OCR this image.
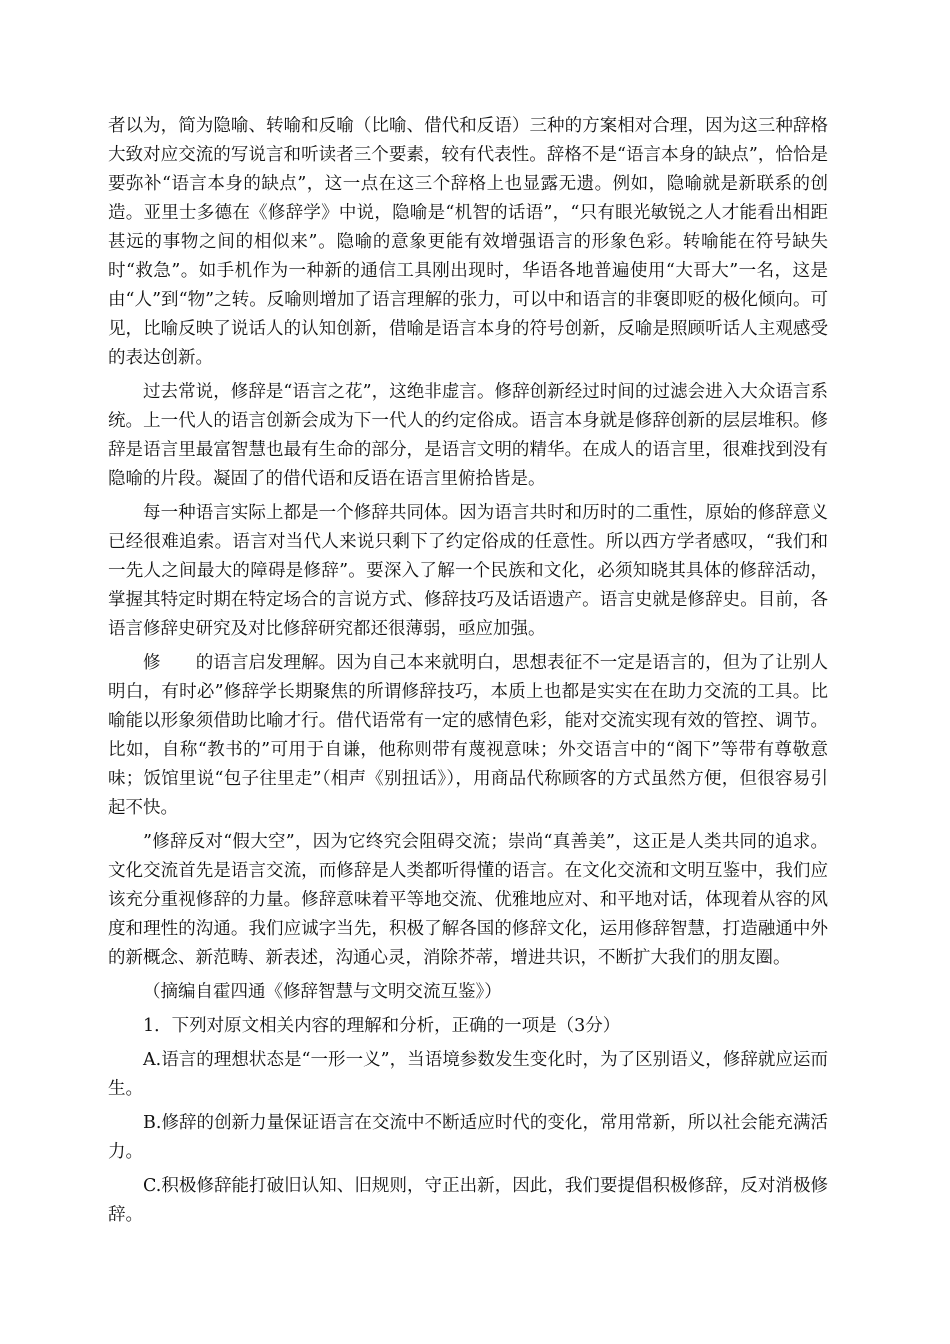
者以为，简为隐喻、转喻和反喻（比喻、借代和反语）三种的方案相对合理，因为这三种辞格大致对应交流的写说言和听读者三个要素，较有代表性。辞格不是“语言本身的缺点”，恰恰是要弥补“语言本身的缺点”，这一点在这三个辞格上也显露无遗。例如，隐喻就是新联系的创造。亚里士多德在《修辞学》中说，隐喻是“机智的话语”，“只有眼光敏锐之人才能看出相距甚远的事物之间的相似来”。隐喻的意象更能有效增强语言的形象色彩。转喻能在符号缺失时“救急”。如手机作为一种新的通信工具刚出现时，华语各地普遍使用“大哥大”一名，这是由“人”到“物”之转。反喻则增加了语言理解的张力，可以中和语言的非褒即贬的极化倾向。可见，比喻反映了说话人的认知创新，借喻是语言本身的符号创新，反喻是照顾听话人主观感受的表达创新。

过去常说，修辞是“语言之花”，这绝非虚言。修辞创新经过时间的过滤会进入大众语言系统。上一代人的语言创新会成为下一代人的约定俗成。语言本身就是修辞创新的层层堆积。修辞是语言里最富智慧也最有生命的部分，是语言文明的精华。在成人的语言里，很难找到没有隐喻的片段。凝固了的借代语和反语在语言里俯拾皆是。

每一种语言实际上都是一个修辞共同体。因为语言共时和历时的二重性，原始的修辞意义已经很难追索。语言对当代人来说只剩下了约定俗成的任意性。所以西方学者感叹，“我们和一先人之间最大的障碍是修辞”。要深入了解一个民族和文化，必须知晓其具体的修辞活动，掌握其特定时期在特定场合的言说方式、修辞技巧及话语遗产。语言史就是修辞史。目前，各语言修辞史研究及对比修辞研究都还很薄弱，亟应加强。

修　　的语言启发理解。因为自己本来就明白，思想表征不一定是语言的，但为了让别人明白，有时必”修辞学长期聚焦的所谓修辞技巧，本质上也都是实实在在助力交流的工具。比喻能以形象须借助比喻才行。借代语常有一定的感情色彩，能对交流实现有效的管控、调节。比如，自称“教书的”可用于自谦，他称则带有蔑视意味；外交语言中的“阁下”等带有尊敬意味；饭馆里说“包子往里走”（相声《别扭话》），用商品代称顾客的方式虽然方便，但很容易引起不快。

”修辞反对“假大空”，因为它终究会阻碍交流；崇尚“真善美”，这正是人类共同的追求。文化交流首先是语言交流，而修辞是人类都听得懂的语言。在文化交流和文明互鉴中，我们应该充分重视修辞的力量。修辞意味着平等地交流、优雅地应对、和平地对话，体现着从容的风度和理性的沟通。我们应诚字当先，积极了解各国的修辞文化，运用修辞智慧，打造融通中外的新概念、新范畴、新表述，沟通心灵，消除芥蒂，增进共识，不断扩大我们的朋友圈。

（摘编自霍四通《修辞智慧与文明交流互鉴》）

1．下列对原文相关内容的理解和分析，正确的一项是（3分）

A.语言的理想状态是“一形一义”，当语境参数发生变化时，为了区别语义，修辞就应运而生。

B.修辞的创新力量保证语言在交流中不断适应时代的变化，常用常新，所以社会能充满活力。

C.积极修辞能打破旧认知、旧规则，守正出新，因此，我们要提倡积极修辞，反对消极修辞。
